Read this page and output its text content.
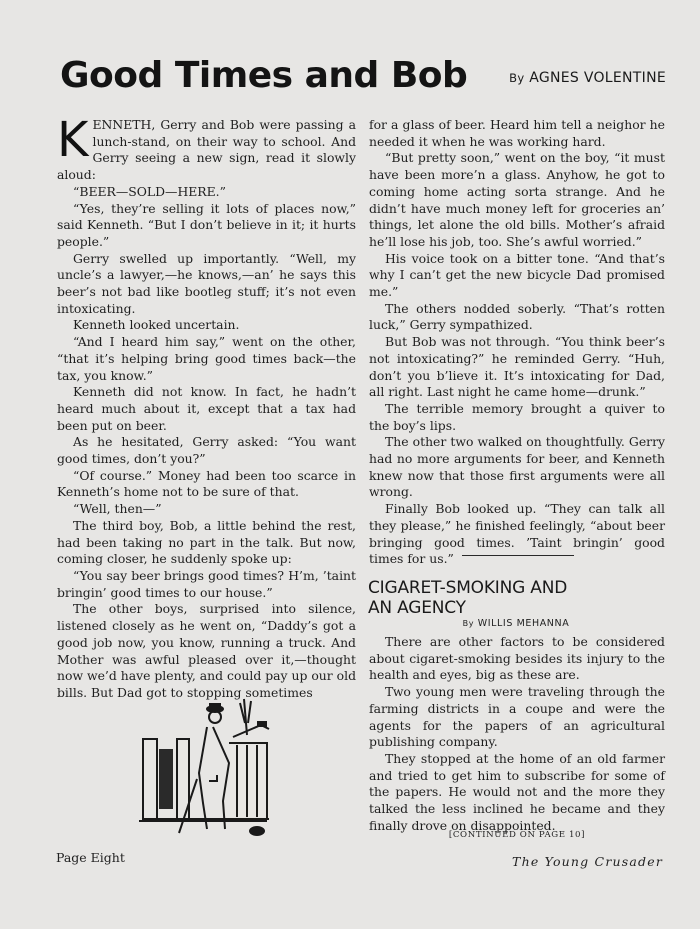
Good Times and Bob	By AGNES VOLENTINE

KENNETH, Gerry and Bob were passing a lunch-stand, on their way to school. And Gerry seeing a new sign, read it slowly aloud:

“BEER—SOLD—HERE.”

“Yes, they’re selling it lots of places now,” said Kenneth. “But I don’t believe in it; it hurts people.”

Gerry swelled up importantly. “Well, my uncle’s a lawyer,—he knows,—an’ he says this beer’s not bad like bootleg stuff; it’s not even intoxicating.

Kenneth looked uncertain.

“And I heard him say,” went on the other, “that it’s helping bring good times back—the tax, you know.”

Kenneth did not know. In fact, he hadn’t heard much about it, except that a tax had been put on beer.

As he hesitated, Gerry asked: “You want good times, don’t you?”

“Of course.” Money had been too scarce in Kenneth’s home not to be sure of that.

“Well, then—”

The third boy, Bob, a little behind the rest, had been taking no part in the talk. But now, coming closer, he suddenly spoke up:

“You say beer brings good times? H’m, ’taint bringin’ good times to our house.”

The other boys, surprised into silence, listened closely as he went on, “Daddy’s got a good job now, you know, running a truck. And Mother was awful pleased over it,—thought now we’d have plenty, and could pay up our old bills. But Dad got to stopping sometimes

for a glass of beer. Heard him tell a neighor he needed it when he was working hard.

“But pretty soon,” went on the boy, “it must have been more’n a glass. Anyhow, he got to coming home acting sorta strange. And he didn’t have much money left for groceries an’ things, let alone the old bills. Mother’s afraid he’ll lose his job, too. She’s awful worried.”

His voice took on a bitter tone. “And that’s why I can’t get the new bicycle Dad promised me.”

The others nodded soberly. “That’s rotten luck,” Gerry sympathized.

But Bob was not through. “You think beer’s not intoxicating?” he reminded Gerry. “Huh, don’t you b’lieve it. It’s intoxicating for Dad, all right. Last night he came home—drunk.”

The terrible memory brought a quiver to the boy’s lips.

The other two walked on thoughtfully. Gerry had no more arguments for beer, and Kenneth knew now that those first arguments were all wrong.

Finally Bob looked up. “They can talk all they please,” he finished feelingly, “about beer bringing good times. ’Taint bringin’ good times for us.”

CIGARET-SMOKING AND
AN AGENCY
By WILLIS MEHANNA

There are other factors to be considered about cigaret-smoking besides its injury to the health and eyes, big as these are.

Two young men were traveling through the farming districts in a coupe and were the agents for the papers of an agricultural publishing company.

They stopped at the home of an old farmer and tried to get him to subscribe for some of the papers. He would not and the more they talked the less inclined he became and they finally drove on disappointed.

[CONTINUED ON PAGE 10]
Page Eight	The Young Crusader
